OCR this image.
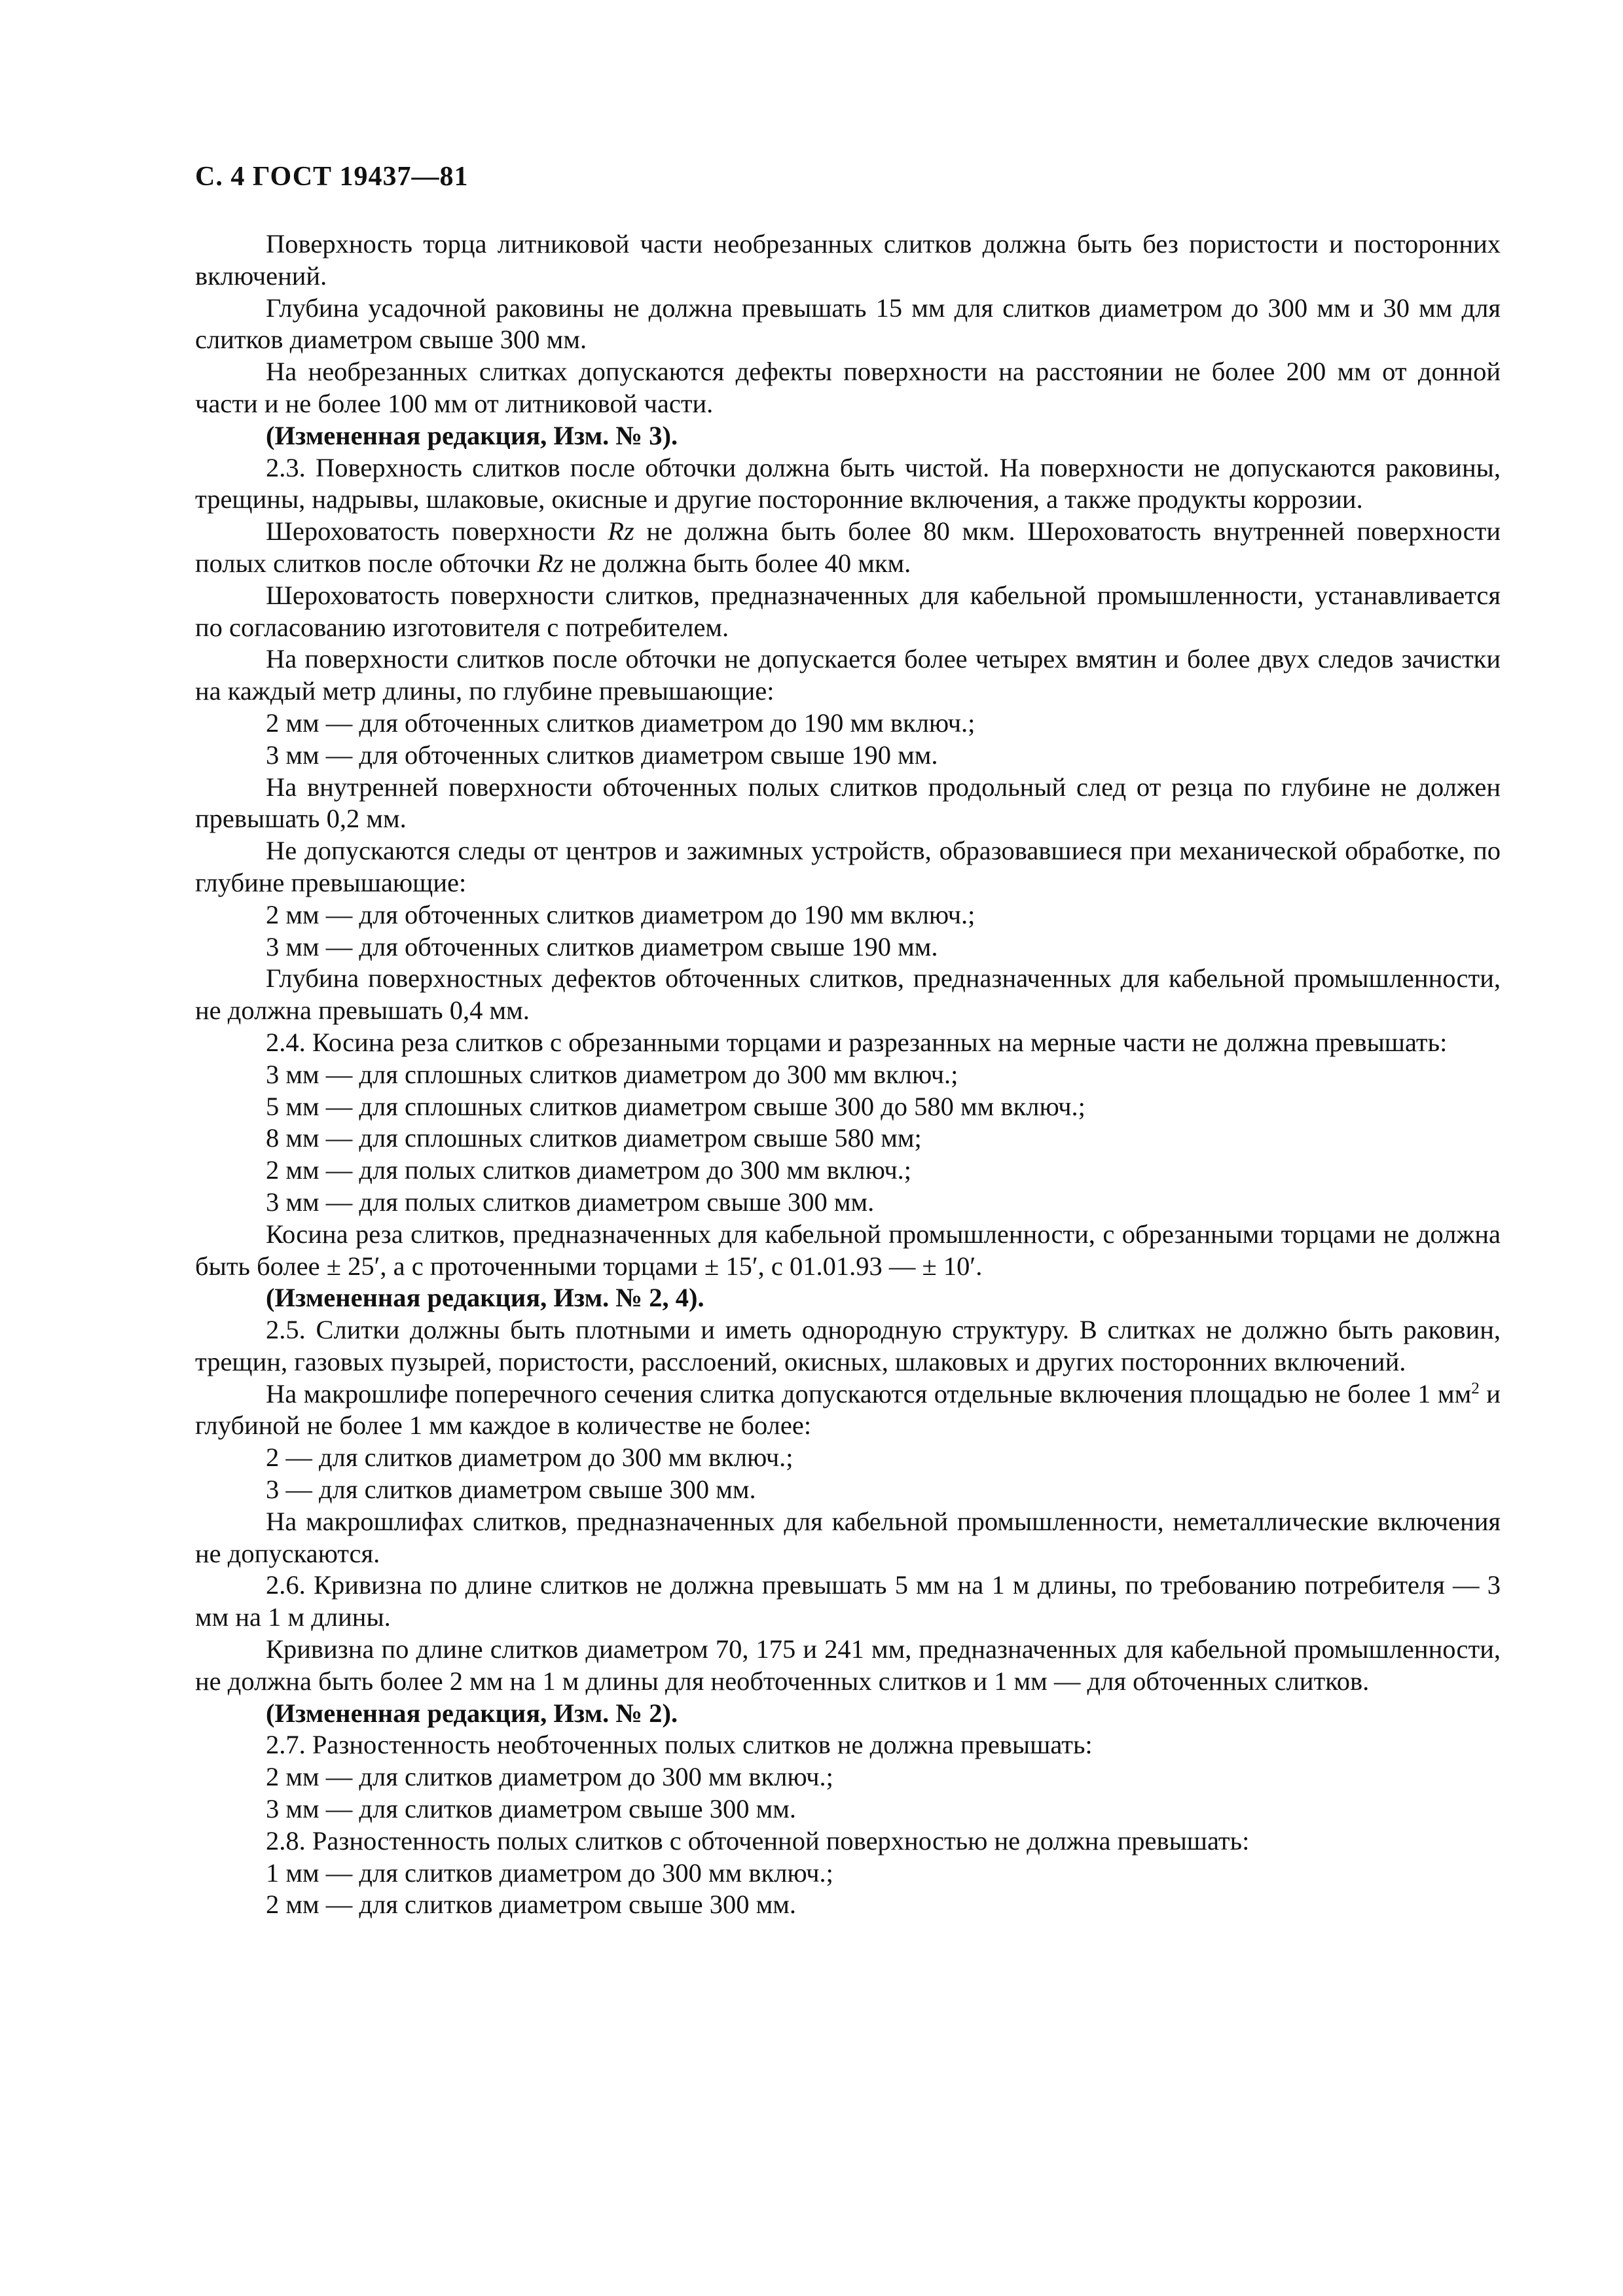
С. 4 ГОСТ 19437—81

Поверхность торца литниковой части необрезанных слитков должна быть без пористости и посторонних включений.

Глубина усадочной раковины не должна превышать 15 мм для слитков диаметром до 300 мм и 30 мм для слитков диаметром свыше 300 мм.

На необрезанных слитках допускаются дефекты поверхности на расстоянии не более 200 мм от донной части и не более 100 мм от литниковой части.

(Измененная редакция, Изм. № 3).

2.3. Поверхность слитков после обточки должна быть чистой. На поверхности не допускаются раковины, трещины, надрывы, шлаковые, окисные и другие посторонние включения, а также продукты коррозии.

Шероховатость поверхности Rz не должна быть более 80 мкм. Шероховатость внутренней поверхности полых слитков после обточки Rz не должна быть более 40 мкм.

Шероховатость поверхности слитков, предназначенных для кабельной промышленности, устанавливается по согласованию изготовителя с потребителем.

На поверхности слитков после обточки не допускается более четырех вмятин и более двух следов зачистки на каждый метр длины, по глубине превышающие:

2 мм — для обточенных слитков диаметром до 190 мм включ.;

3 мм — для обточенных слитков диаметром свыше 190 мм.

На внутренней поверхности обточенных полых слитков продольный след от резца по глубине не должен превышать 0,2 мм.

Не допускаются следы от центров и зажимных устройств, образовавшиеся при механической обработке, по глубине превышающие:

2 мм — для обточенных слитков диаметром до 190 мм включ.;

3 мм — для обточенных слитков диаметром свыше 190 мм.

Глубина поверхностных дефектов обточенных слитков, предназначенных для кабельной промышленности, не должна превышать 0,4 мм.

2.4. Косина реза слитков с обрезанными торцами и разрезанных на мерные части не должна превышать:

3 мм — для сплошных слитков диаметром до 300 мм включ.;

5 мм — для сплошных слитков диаметром свыше 300 до 580 мм включ.;

8 мм — для сплошных слитков диаметром свыше 580 мм;

2 мм — для полых слитков диаметром до 300 мм включ.;

3 мм — для полых слитков диаметром свыше 300 мм.

Косина реза слитков, предназначенных для кабельной промышленности, с обрезанными торцами не должна быть более ± 25′, а с проточенными торцами ± 15′, с 01.01.93 — ± 10′.

(Измененная редакция, Изм. № 2, 4).

2.5. Слитки должны быть плотными и иметь однородную структуру. В слитках не должно быть раковин, трещин, газовых пузырей, пористости, расслоений, окисных, шлаковых и других посторонних включений.

На макрошлифе поперечного сечения слитка допускаются отдельные включения площадью не более 1 $мм^2$ и глубиной не более 1 мм каждое в количестве не более:

2 — для слитков диаметром до 300 мм включ.;

3 — для слитков диаметром свыше 300 мм.

На макрошлифах слитков, предназначенных для кабельной промышленности, неметаллические включения не допускаются.

2.6. Кривизна по длине слитков не должна превышать 5 мм на 1 м длины, по требованию потребителя — 3 мм на 1 м длины.

Кривизна по длине слитков диаметром 70, 175 и 241 мм, предназначенных для кабельной промышленности, не должна быть более 2 мм на 1 м длины для необточенных слитков и 1 мм — для обточенных слитков.

(Измененная редакция, Изм. № 2).

2.7. Разностенность необточенных полых слитков не должна превышать:

2 мм — для слитков диаметром до 300 мм включ.;

3 мм — для слитков диаметром свыше 300 мм.

2.8. Разностенность полых слитков с обточенной поверхностью не должна превышать:

1 мм — для слитков диаметром до 300 мм включ.;

2 мм — для слитков диаметром свыше 300 мм.
